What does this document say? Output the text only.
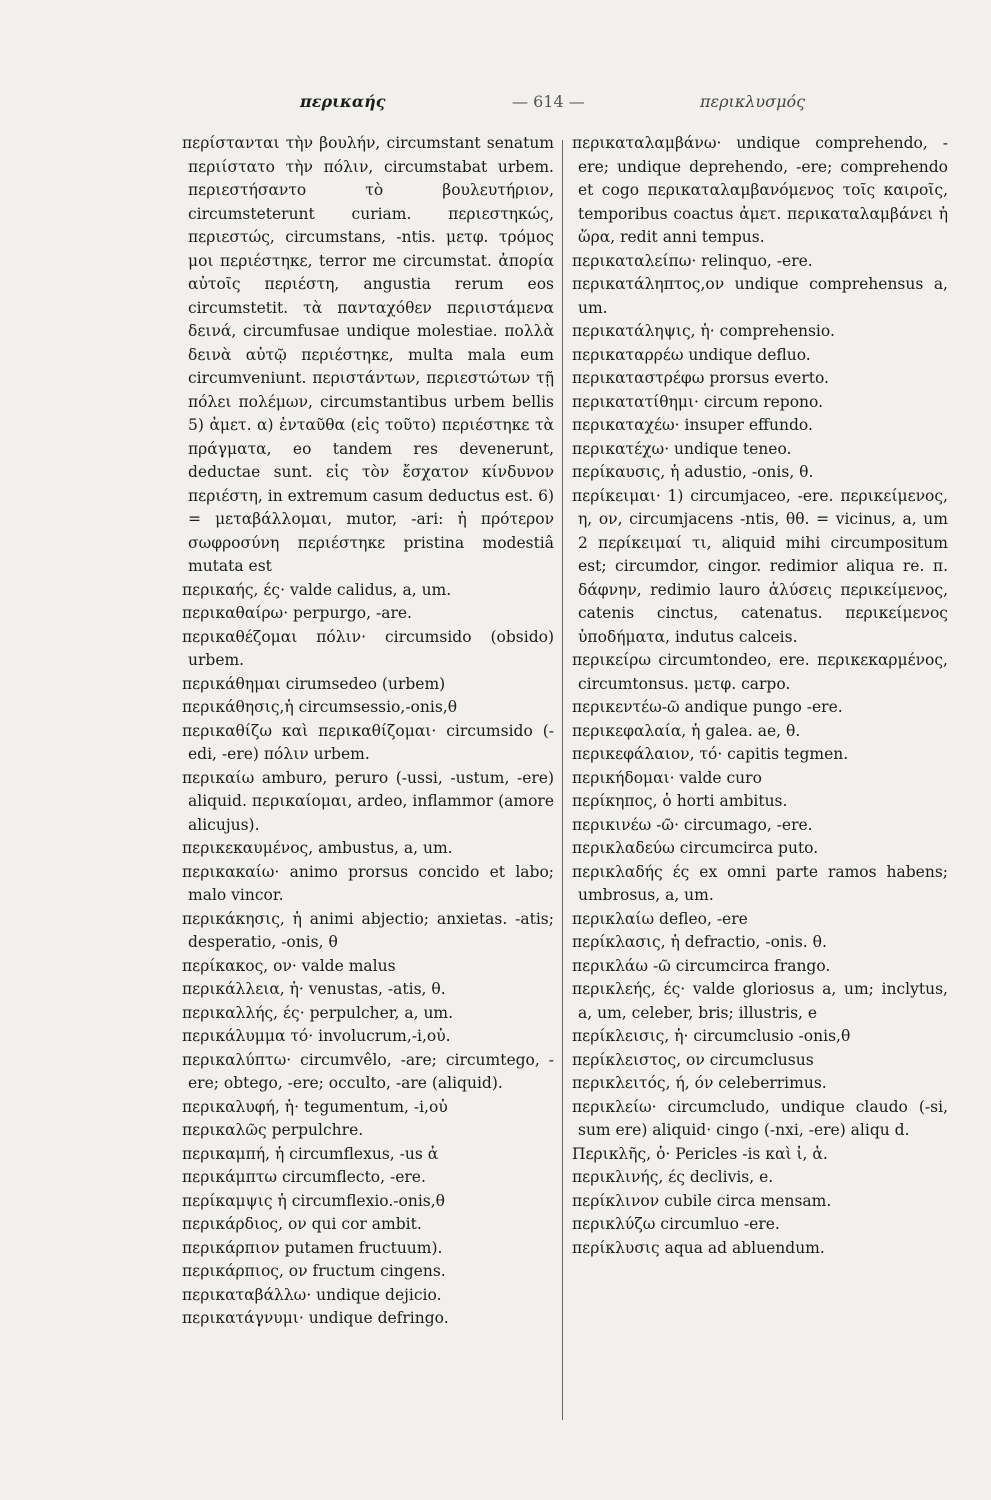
περικαής	— 614 —	περικλυσμός

περίστανται τὴν βουλήν, circumstant senatum περιίστατο τὴν πόλιν, circumstabat urbem. περιεστήσαντο τὸ βουλευτήριον, circumsteterunt curiam. περιεστηκώς, περιεστώς, circumstans, -ntis. μετφ. τρόμος μοι περιέστηκε, terror me circumstat. ἀπορία αὐτοῖς περιέστη, angustia rerum eos circumstetit. τὰ πανταχόθεν περιιστάμενα δεινά, circumfusae undique molestiae. πολλὰ δεινὰ αὐτῷ περιέστηκε, multa mala eum circumveniunt. περιστάντων, περιεστώτων τῇ πόλει πολέμων, circumstantibus urbem bellis 5) ἀμετ. α) ἐνταῦθα (εἰς τοῦτο) περιέστηκε τὰ πράγματα, eo tandem res devenerunt, deductae sunt. εἰς τὸν ἔσχατον κίνδυνον περιέστη, in extremum casum deductus est. 6) = μεταβάλλομαι, mutor, -ari: ἡ πρότερον σωφροσύνη περιέστηκε pristina modestiâ mutata est

περικαής, ές· valde calidus, a, um.

περικαθαίρω· perpurgo, -are.

περικαθέζομαι πόλιν· circumsido (obsido) urbem.

περικάθημαι cirumsedeo (urbem)

περικάθησις,ἡ circumsessio,-onis,θ

περικαθίζω καὶ περικαθίζομαι· circumsido (-edi, -ere) πόλιν urbem.

περικαίω amburo, peruro (-ussi, -ustum, -ere) aliquid. περικαίομαι, ardeo, inflammor (amore alicujus).

περικεκαυμένος, ambustus, a, um.

περικακαίω· animo prorsus concido et labo; malo vincor.

περικάκησις, ἡ animi abjectio; anxietas. -atis; desperatio, -onis, θ

περίκακος, ον· valde malus

περικάλλεια, ἡ· venustas, -atis, θ.

περικαλλής, ές· perpulcher, a, um.

περικάλυμμα τό· involucrum,-i,οὐ.

περικαλύπτω· circumvêlo, -are; circumtego, -ere; obtego, -ere; occulto, -are (aliquid).

περικαλυφή, ἡ· tegumentum, -i,οὐ

περικαλῶς perpulchre.

περικαμπή, ἡ circumflexus, -us ἀ

περικάμπτω circumflecto, -ere.

περίκαμψις ἡ circumflexio.-onis,θ

περικάρδιος, ον qui cor ambit.

περικάρπιον putamen fructuum).

περικάρπιος, ον fructum cingens.

περικαταβάλλω· undique dejicio.

περικατάγνυμι· undique defringo.

περικαταλαμβάνω· undique comprehendo, -ere; undique deprehendo, -ere; comprehendo et cogo περικαταλαμβανόμενος τοῖς καιροῖς, temporibus coactus ἀμετ. περικαταλαμβάνει ἡ ὥρα, redit anni tempus.

περικαταλείπω· relinquo, -ere.

περικατάληπτος,ον undique comprehensus a, um.

περικατάληψις, ἡ· comprehensio.

περικαταρρέω undique defluo.

περικαταστρέφω prorsus everto.

περικατατίθημι· circum repono.

περικαταχέω· insuper effundo.

περικατέχω· undique teneo.

περίκαυσις, ἡ adustio, -onis, θ.

περίκειμαι· 1) circumjaceo, -ere. περικείμενος, η, ον, circumjacens -ntis, θθ. = vicinus, a, um 2 περίκειμαί τι, aliquid mihi circumpositum est; circumdor, cingor. redimior aliqua re. π. δάφνην, redimio lauro ἁλύσεις περικείμενος, catenis cinctus, catenatus. περικείμενος ὑποδήματα, indutus calceis.

περικείρω circumtondeo, ere. περικεκαρμένος, circumtonsus. μετφ. carpo.

περικεντέω-ῶ andique pungo -ere.

περικεφαλαία, ἡ galea. ae, θ.

περικεφάλαιον, τό· capitis tegmen.

περικήδομαι· valde curo

περίκηπος, ὁ horti ambitus.

περικινέω -ῶ· circumago, -ere.

περικλαδεύω circumcirca puto.

περικλαδής ές ex omni parte ramos habens; umbrosus, a, um.

περικλαίω defleo, -ere

περίκλασις, ἡ defractio, -onis. θ.

περικλάω -ῶ circumcirca frango.

περικλεής, ές· valde gloriosus a, um; inclytus, a, um, celeber, bris; illustris, e

περίκλεισις, ἡ· circumclusio -onis,θ

περίκλειστος, ον circumclusus

περικλειτός, ή, όν celeberrimus.

περικλείω· circumcludo, undique claudo (-si, sum ere) aliquid· cingo (-nxi, -ere) aliqu d.

Περικλῆς, ὁ· Pericles -is καὶ ἰ, ἀ.

περικλινής, ές declivis, e.

περίκλινον cubile circa mensam.

περικλύζω circumluo -ere.

περίκλυσις aqua ad abluendum.
